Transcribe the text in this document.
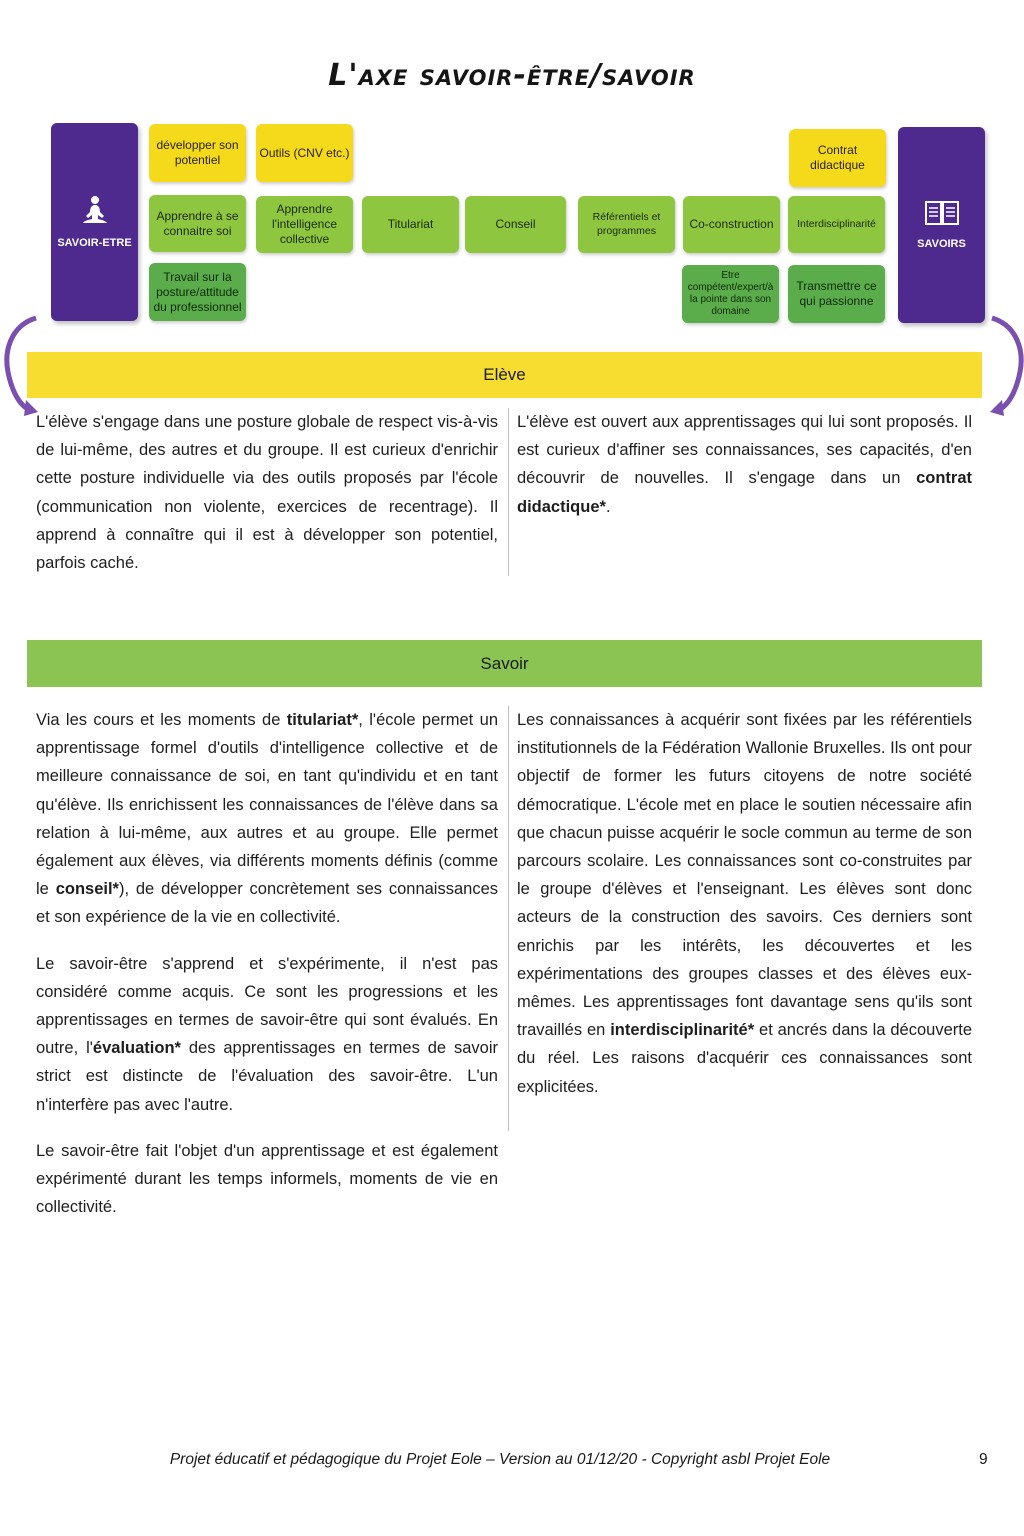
L'axe savoir-être/savoir
SAVOIR-ETRE	SAVOIRS
développer son potentiel
Outils (CNV etc.)	Contrat didactique
Apprendre à se connaitre soi
Apprendre l'intelligence collective
Titulariat	Conseil	Référentiels et programmes	Co-construction	Interdisciplinarité
Travail sur la posture/attitude du professionnel
Etre compétent/expert/à la pointe dans son domaine
Transmettre ce qui passionne
Elève

L'élève s'engage dans une posture globale de respect vis-à-vis de lui-même, des autres et du groupe. Il est curieux d'enrichir cette posture individuelle via des outils proposés par l'école (communication non violente, exercices de recentrage). Il apprend à connaître qui il est à développer son potentiel, parfois caché.

L'élève est ouvert aux apprentissages qui lui sont proposés. Il est curieux d'affiner ses connaissances, ses capacités, d'en découvrir de nouvelles. Il s'engage dans un contrat didactique*.

Savoir

Via les cours et les moments de titulariat*, l'école permet un apprentissage formel d'outils d'intelligence collective et de meilleure connaissance de soi, en tant qu'individu et en tant qu'élève. Ils enrichissent les connaissances de l'élève dans sa relation à lui-même, aux autres et au groupe. Elle permet également aux élèves, via différents moments définis (comme le conseil*), de développer concrètement ses connaissances et son expérience de la vie en collectivité.

Le savoir-être s'apprend et s'expérimente, il n'est pas considéré comme acquis. Ce sont les progressions et les apprentissages en termes de savoir-être qui sont évalués. En outre, l'évaluation* des apprentissages en termes de savoir strict est distincte de l'évaluation des savoir-être. L'un n'interfère pas avec l'autre.

Le savoir-être fait l'objet d'un apprentissage et est également expérimenté durant les temps informels, moments de vie en collectivité.

Les connaissances à acquérir sont fixées par les référentiels institutionnels de la Fédération Wallonie Bruxelles. Ils ont pour objectif de former les futurs citoyens de notre société démocratique. L'école met en place le soutien nécessaire afin que chacun puisse acquérir le socle commun au terme de son parcours scolaire. Les connaissances sont co-construites par le groupe d'élèves et l'enseignant. Les élèves sont donc acteurs de la construction des savoirs. Ces derniers sont enrichis par les intérêts, les découvertes et les expérimentations des groupes classes et des élèves eux-mêmes. Les apprentissages font davantage sens qu'ils sont travaillés en interdisciplinarité* et ancrés dans la découverte du réel. Les raisons d'acquérir ces connaissances sont explicitées.

Projet éducatif et pédagogique du Projet Eole – Version au 01/12/20 - Copyright asbl Projet Eole	9
